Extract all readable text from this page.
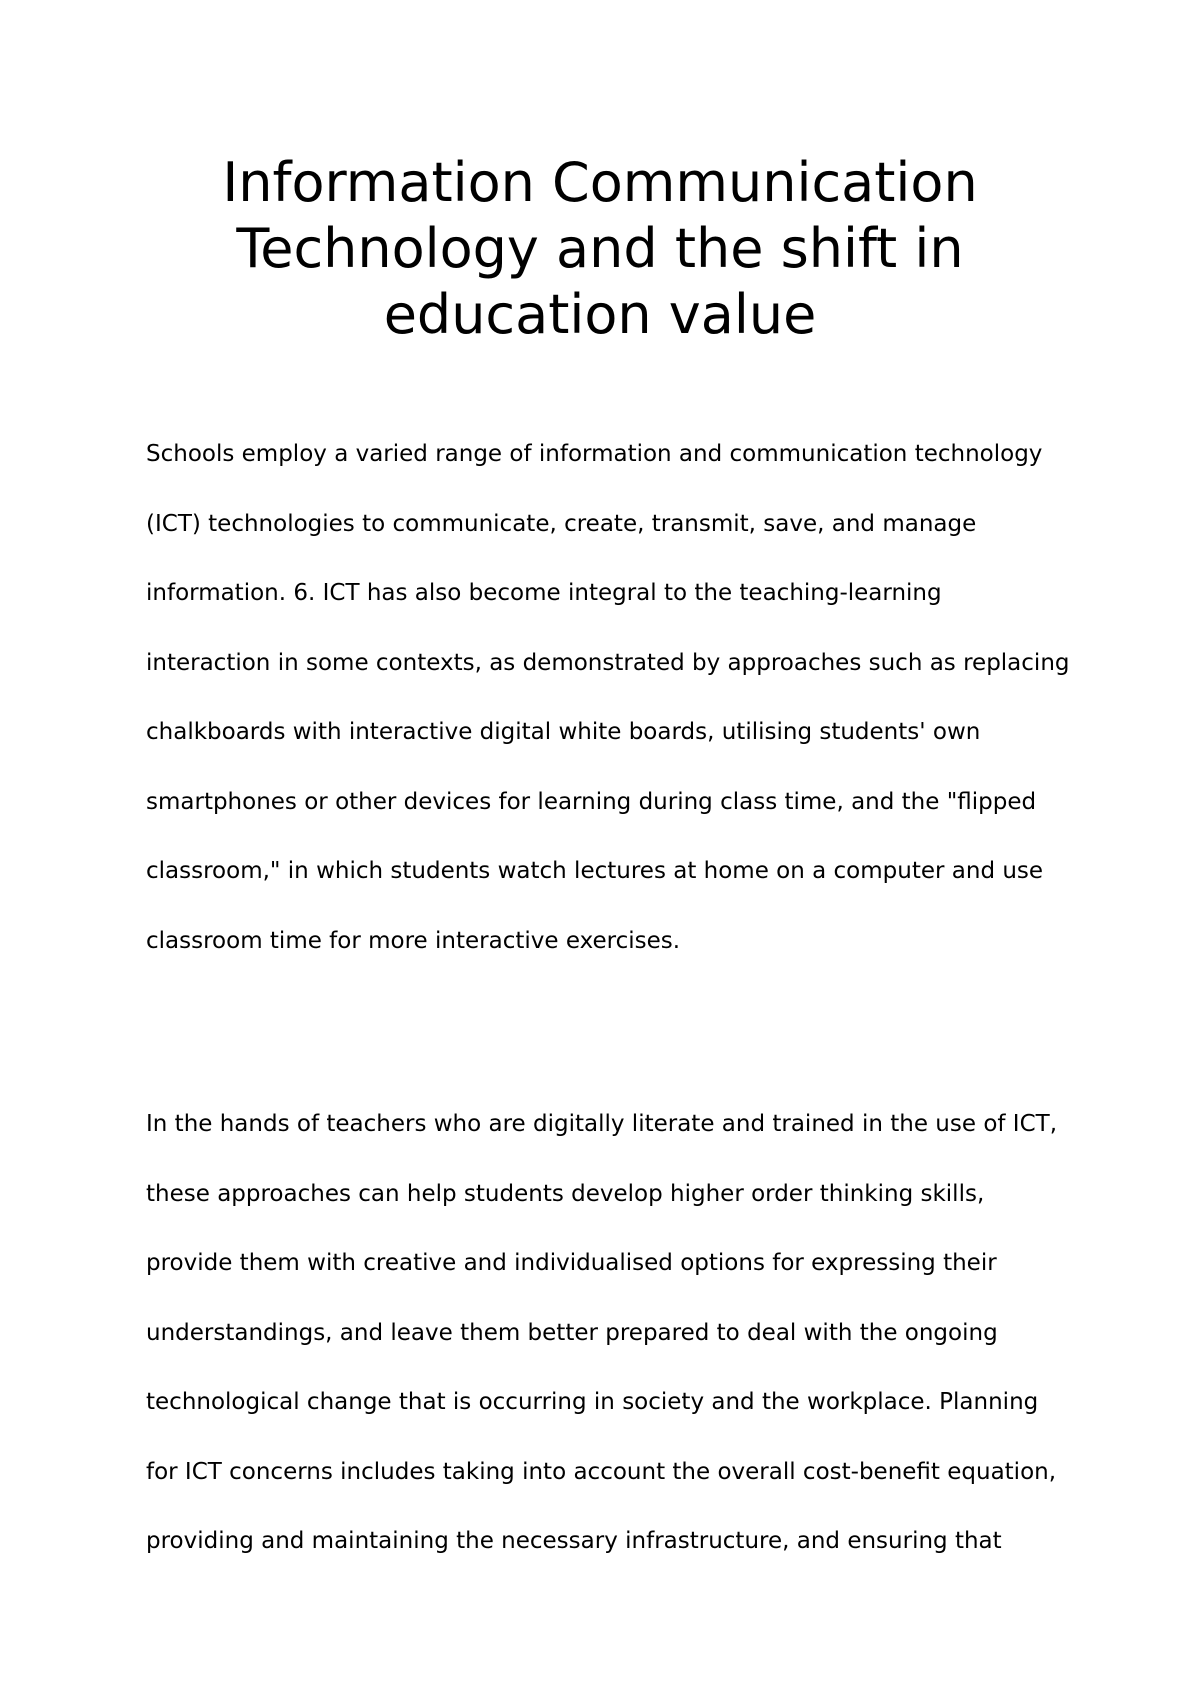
Information Communication
Technology and the shift in
education value
Schools employ a varied range of information and communication technology
(ICT) technologies to communicate, create, transmit, save, and manage
information. 6. ICT has also become integral to the teaching-learning
interaction in some contexts, as demonstrated by approaches such as replacing
chalkboards with interactive digital white boards, utilising students' own
smartphones or other devices for learning during class time, and the "flipped
classroom," in which students watch lectures at home on a computer and use
classroom time for more interactive exercises.
In the hands of teachers who are digitally literate and trained in the use of ICT,
these approaches can help students develop higher order thinking skills,
provide them with creative and individualised options for expressing their
understandings, and leave them better prepared to deal with the ongoing
technological change that is occurring in society and the workplace. Planning
for ICT concerns includes taking into account the overall cost-benefit equation,
providing and maintaining the necessary infrastructure, and ensuring that
